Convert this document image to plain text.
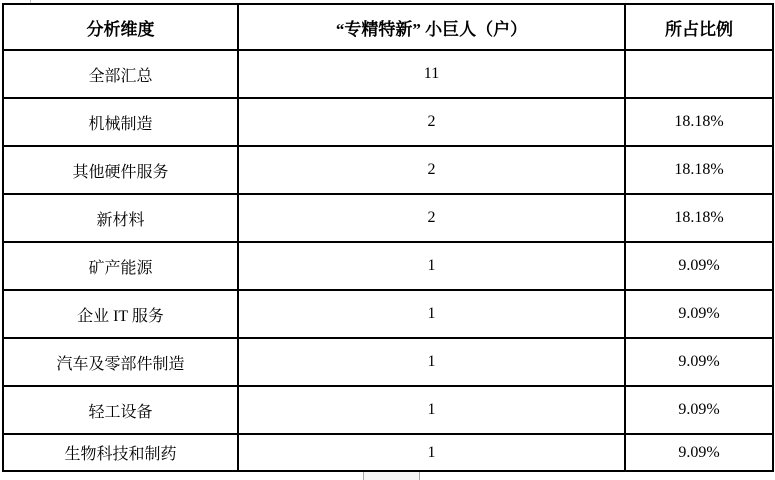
分析维度	“专精特新” 小巨人（户）	所占比例
全部汇总	11	
机械制造	2	18.18%
其他硬件服务	2	18.18%
新材料	2	18.18%
矿产能源	1	9.09%
企业 IT 服务	1	9.09%
汽车及零部件制造	1	9.09%
轻工设备	1	9.09%
生物科技和制药	1	9.09%
